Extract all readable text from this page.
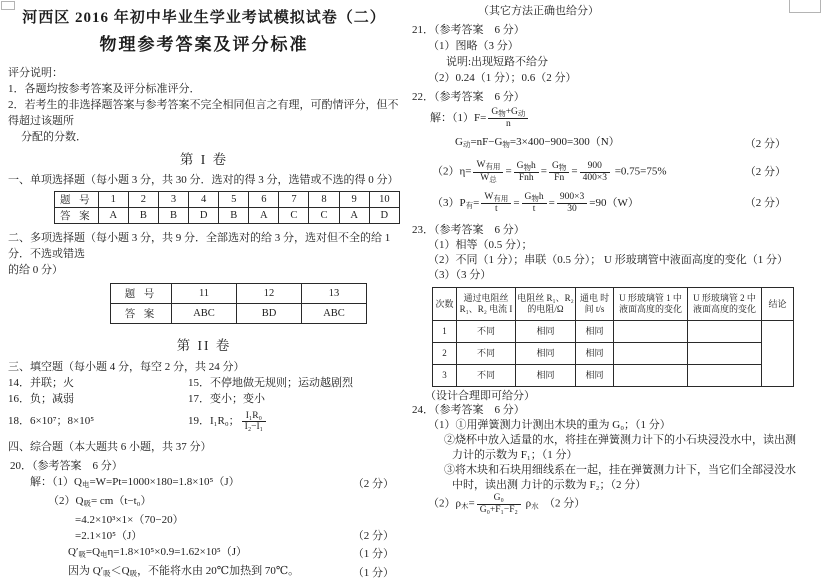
河西区 2016 年初中毕业生学业考试模拟试卷（二）
物理参考答案及评分标准
评分说明：
1．各题均按参考答案及评分标准评分．
2．若考生的非选择题答案与参考答案不完全相同但言之有理，可酌情评分，但不得超过该题所
分配的分数．
第 I 卷
一、单项选择题（每小题 3 分，共 30 分．选对的得 3 分，选错或不选的得 0 分）
题 号	1	2	3	4	5	6	7	8	9	10
答 案	A	B	B	D	B	A	C	C	A	D
二、多项选择题（每小题 3 分，共 9 分．全部选对的给 3 分，选对但不全的给 1 分．不选或错选
的给 0 分）
题 号	11	12	13
答 案	ABC	BD	ABC
第 II 卷
三、填空题（每小题 4 分，每空 2 分，共 24 分）
14．并联；火	15．不停地做无规则；运动越剧烈
16．负；减弱	17．变小；变小
18．6×10⁷；8×10⁵	19．I₁R₀； $\frac{\text{I₁R₀}}{\text{I₂−I₁}}$
四、综合题（本大题共 6 小题，共 37 分）
20．（参考答案　6 分）
解：（1）Q电=W=Pt=1000×180=1.8×10⁵（J）	（2 分）
（2）Q吸= cm（t−t₀）
=4.2×10³×1×（70−20）
=2.1×10⁵（J）	（2 分）
Q′吸=Q电η=1.8×10⁵×0.9=1.62×10⁵（J）	（1 分）
因为 Q′吸＜Q吸，不能将水由 20℃加热到 70℃。	（1 分）
（其它方法正确也给分）
21．（参考答案　6 分）
（1）图略（3 分）
说明:出现短路不给分
（2）0.24（1 分）；0.6（2 分）
22．（参考答案　6 分）
解：$(1)F= \frac{G_物+G_动}{n}$
G动=nF−G物=3×400−900=300（N）	（2 分）
$(2)\eta= \frac{W_{有用}}{W_总} = \frac{G_物h}{\text{Fnh}} = \frac{G_物}{Fn} = \frac{900}{400\times 3} =0.75=75\%$	（2 分）
（3）P有= $\frac{W_{有用}}{t} = \frac{G_物h}{t} = \frac{900\times 3}{30} =90(W)$	（2 分）
23．（参考答案　6 分）
（1）相等（0.5 分）；
（2）不同（1 分）；串联（0.5 分）； U 形玻璃管中液面高度的变化（1 分）
（3）（3 分）
次数	通过电阻丝 R₁、R₂ 电流 I	电阻丝 R₁、R₂ 的电阻/Ω	通电 时间 t/s	U 形玻璃管 1 中 液面高度的变化	U 形玻璃管 2 中 液面高度的变化	结论
1	不同	相同	相同			
2	不同	相同	相同			
3	不同	相同	相同			
（设计合理即可给分）
24．（参考答案　6 分）
（1）①用弹簧测力计测出木块的重为 G₀；（1 分）
②烧杯中放入适量的水，将挂在弹簧测力计下的小石块浸没水中，读出测力计的示数为 F₁；（1 分）
③将木块和石块用细线系在一起，挂在弹簧测力计下，当它们全部浸没水中时，读出测 力计的示数为 F₂；（2 分）
（2）ρ木= $\frac{\text{G₀}}{\text{G₀+F₁−F₂}}$ ρ水　（2 分）
